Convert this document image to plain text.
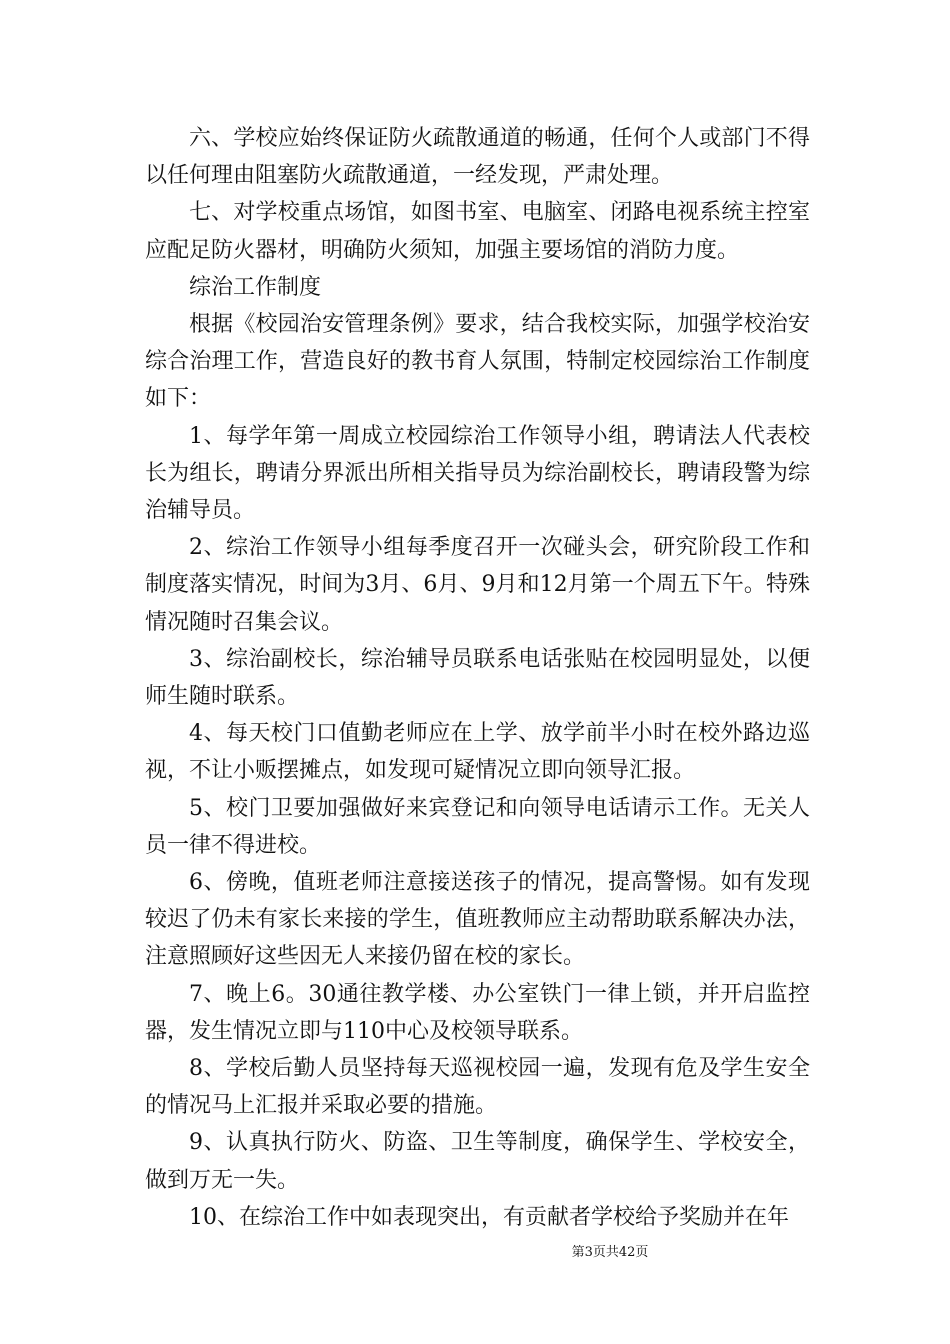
六、学校应始终保证防火疏散通道的畅通，任何个人或部门不得以任何理由阻塞防火疏散通道，一经发现，严肃处理。

七、对学校重点场馆，如图书室、电脑室、闭路电视系统主控室应配足防火器材，明确防火须知，加强主要场馆的消防力度。

综治工作制度

根据《校园治安管理条例》要求，结合我校实际，加强学校治安综合治理工作，营造良好的教书育人氛围，特制定校园综治工作制度如下：

1、每学年第一周成立校园综治工作领导小组，聘请法人代表校长为组长，聘请分界派出所相关指导员为综治副校长，聘请段警为综治辅导员。

2、综治工作领导小组每季度召开一次碰头会，研究阶段工作和制度落实情况，时间为3月、6月、9月和12月第一个周五下午。特殊情况随时召集会议。

3、综治副校长，综治辅导员联系电话张贴在校园明显处，以便师生随时联系。

4、每天校门口值勤老师应在上学、放学前半小时在校外路边巡视，不让小贩摆摊点，如发现可疑情况立即向领导汇报。

5、校门卫要加强做好来宾登记和向领导电话请示工作。无关人员一律不得进校。

6、傍晚，值班老师注意接送孩子的情况，提高警惕。如有发现较迟了仍未有家长来接的学生，值班教师应主动帮助联系解决办法，注意照顾好这些因无人来接仍留在校的家长。

7、晚上6。30通往教学楼、办公室铁门一律上锁，并开启监控器，发生情况立即与110中心及校领导联系。

8、学校后勤人员坚持每天巡视校园一遍，发现有危及学生安全的情况马上汇报并采取必要的措施。

9、认真执行防火、防盗、卫生等制度，确保学生、学校安全，做到万无一失。

10、在综治工作中如表现突出，有贡献者学校给予奖励并在年

第3页共42页
